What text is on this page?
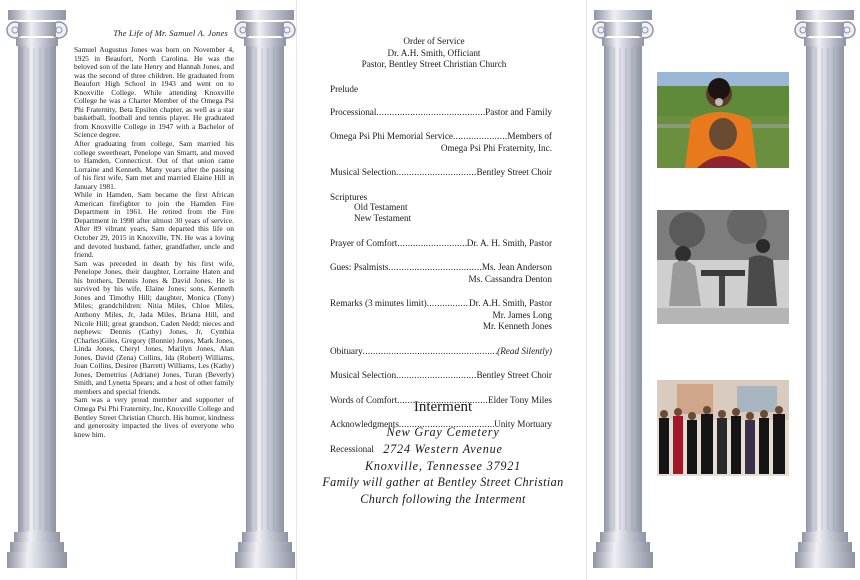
The Life of Mr. Samuel A. Jones

Samuel Augustus Jones was born on November 4, 1925 in Beaufort, North Carolina. He was the beloved son of the late Henry and Hannah Jones, and was the second of three children. He graduated from Beaufort High School in 1943 and went on to Knoxville College. While attending Knoxville College he was a Charter Member of the Omega Psi Phi Fraternity, Beta Epsilon chapter, as well as a star basketball, football and tennis player. He graduated from Knoxville College in 1947 with a Bachelor of Science degree.

After graduating from college, Sam married his college sweetheart, Penelope van Smartt, and moved to Hamden, Connecticut. Out of that union came Lorraine and Kenneth. Many years after the passing of his first wife, Sam met and married Elaine Hill in January 1981.

While in Hamden, Sam became the first African American firefighter to join the Hamden Fire Department in 1961. He retired from the Fire Department in 1990 after almost 30 years of service. After 89 vibrant years, Sam departed this life on October 29, 2015 in Knoxville, TN. He was a loving and devoted husband, father, grandfather, uncle and friend.

Sam was preceded in death by his first wife, Penelope Jones, their daughter, Lorraine Haten and his brothers, Dennis Jones & David Jones. He is survived by his wife, Elaine Jones; sons, Kenneth Jones and Timothy Hill; daughter, Monica (Tony) Miles; grandchildren: Nitia Miles, Chloe Miles, Anthony Miles, Jr, Jada Miles, Briana Hill, and Nicole Hill; great grandson, Caden Nedd; nieces and nephews: Dennis (Cathy) Jones, Jr, Cynthia (Charles)Giles, Gregory (Bonnie) Jones, Mark Jones, Linda Jones, Cheryl Jones, Marilyn Jones, Alan Jones, David (Zena) Collins, Ida (Robert) Williams, Joan Collins, Desiree (Barrett) Williams, Les (Kathy) Jones, Demetrius (Adriane) Jones, Turan (Beverly) Smith, and Lynetta Spears; and a host of other family members and special friends.

Sam was a very proud member and supporter of Omega Psi Phi Fraternity, Inc, Knoxville College and Bentley Street Christian Church. His humor, kindness and generosity impacted the lives of everyone who knew him.

Order of Service
Dr. A.H. Smith, Officiant
Pastor, Bentley Street Christian Church
Prelude
Processional .....	Pastor and Family
Omega Psi Phi Memorial Service .....	Members of
Omega Psi Phi Fraternity, Inc.
Musical Selection .....	Bentley Street Choir
Scriptures
Old Testament
New Testament
Prayer of Comfort .....	Dr. A. H. Smith, Pastor
Gues: Psalmists .....	Ms. Jean Anderson
Ms. Cassandra Denton
Remarks (3 minutes limit) .....	Dr. A.H. Smith, Pastor
Mr. James Long
Mr. Kenneth Jones
Obituary .....	(Read Silently)
Musical Selection .....	Bentley Street Choir
Words of Comfort .....	Elder Tony Miles
Acknowledgments .....	Unity Mortuary
Recessional
Interment
New Gray Cemetery
2724 Western Avenue
Knoxville, Tennessee 37921
Family will gather at Bentley Street Christian
Church following the Interment
